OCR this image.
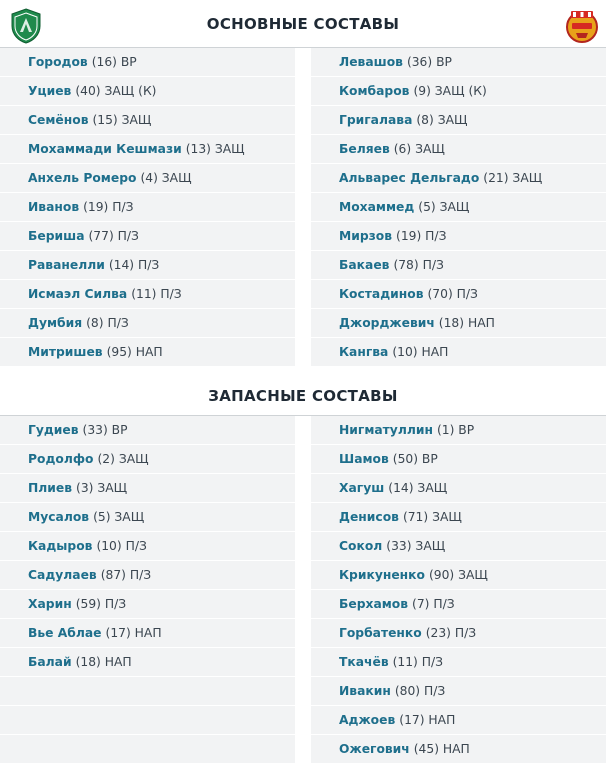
ОСНОВНЫЕ СОСТАВЫ
Городов (16) ВР
Уциев (40) ЗАЩ (К)
Семёнов (15) ЗАЩ
Мохаммади Кешмази (13) ЗАЩ
Анхель Ромеро (4) ЗАЩ
Иванов (19) П/З
Бериша (77) П/З
Раванелли (14) П/З
Исмаэл Силва (11) П/З
Думбия (8) П/З
Митришев (95) НАП
Левашов (36) ВР
Комбаров (9) ЗАЩ (К)
Григалава (8) ЗАЩ
Беляев (6) ЗАЩ
Альварес Дельгадо (21) ЗАЩ
Мохаммед (5) ЗАЩ
Мирзов (19) П/З
Бакаев (78) П/З
Костадинов (70) П/З
Джорджевич (18) НАП
Кангва (10) НАП
ЗАПАСНЫЕ СОСТАВЫ
Гудиев (33) ВР
Родолфо (2) ЗАЩ
Плиев (3) ЗАЩ
Мусалов (5) ЗАЩ
Кадыров (10) П/З
Садулаев (87) П/З
Харин (59) П/З
Вье Аблае (17) НАП
Балай (18) НАП
Нигматуллин (1) ВР
Шамов (50) ВР
Хагуш (14) ЗАЩ
Денисов (71) ЗАЩ
Сокол (33) ЗАЩ
Крикуненко (90) ЗАЩ
Берхамов (7) П/З
Горбатенко (23) П/З
Ткачёв (11) П/З
Ивакин (80) П/З
Аджоев (17) НАП
Ожегович (45) НАП
